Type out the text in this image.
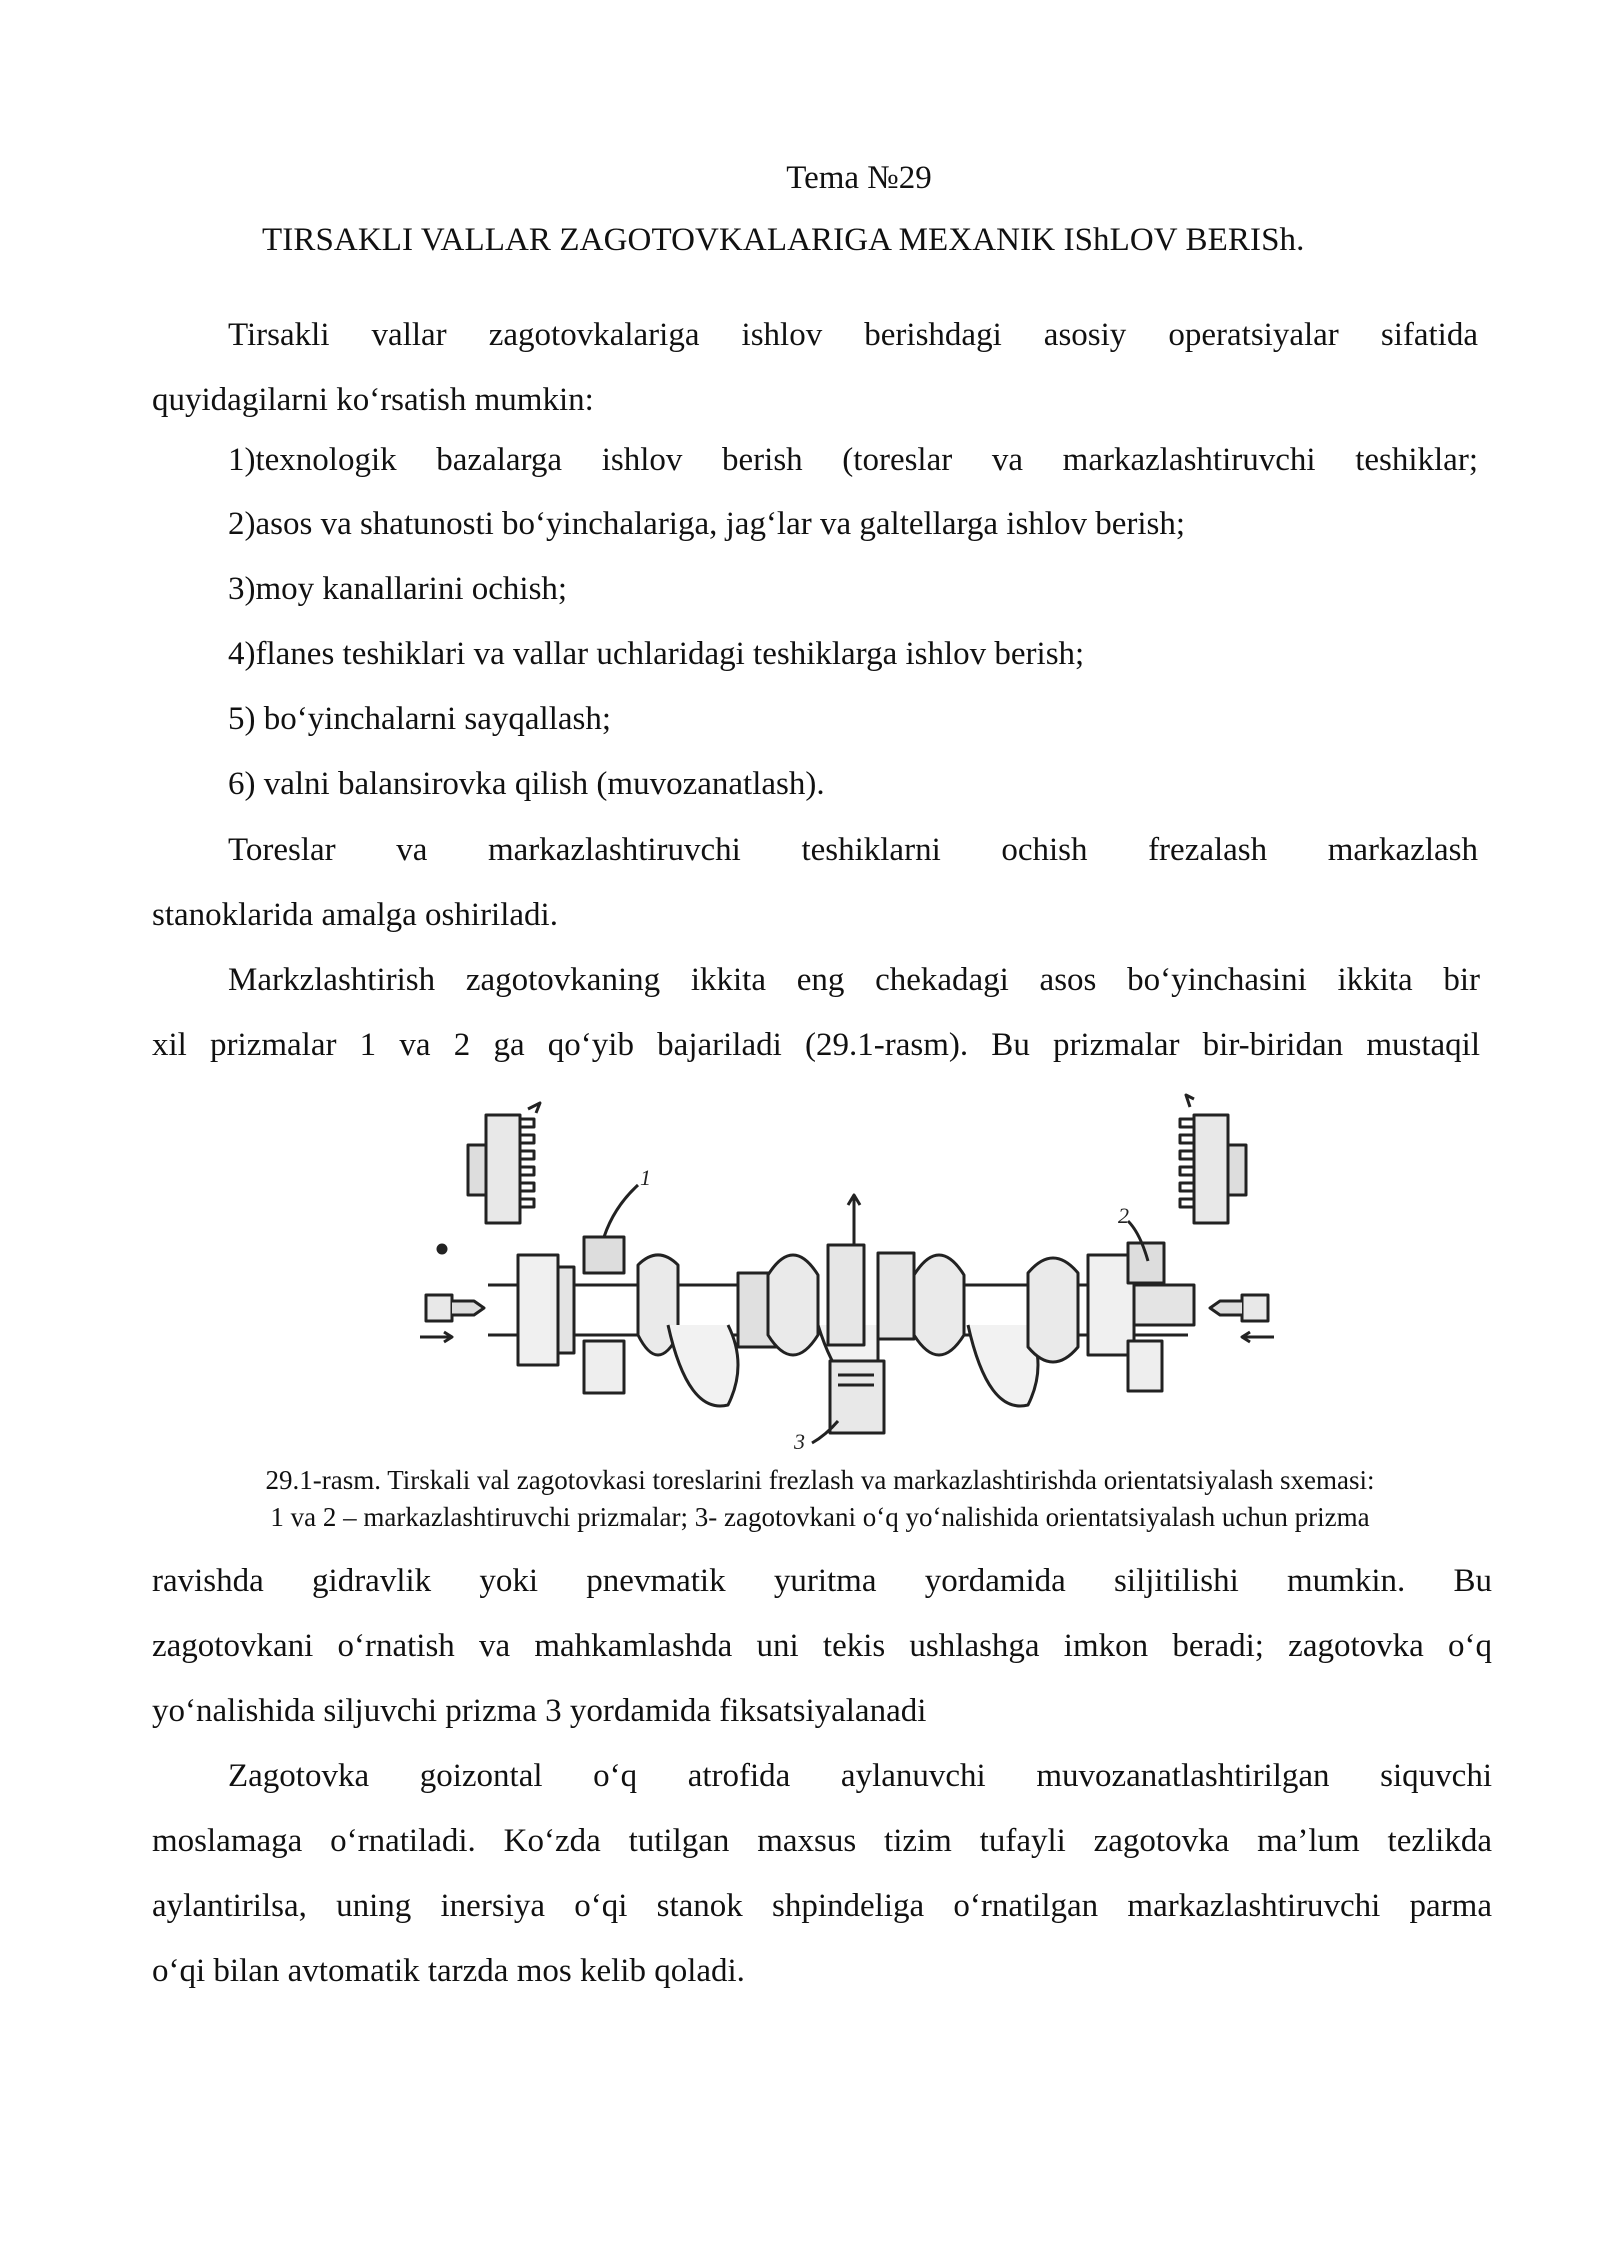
Tema №29
TIRSAKLI VALLAR ZAGOTOVKALARIGA MEXANIK IShLOV BERISh.
Tirsakli vallar zagotovkalariga ishlov berishdagi asosiy operatsiyalar sifatida
quyidagilarni ko‘rsatish mumkin:
1)texnologik bazalarga ishlov berish (toreslar va markazlashtiruvchi teshiklar;
2)asos va shatunosti bo‘yinchalariga, jag‘lar va galtellarga ishlov berish;
3)moy kanallarini ochish;
4)flanes teshiklari va vallar uchlaridagi teshiklarga ishlov berish;
5) bo‘yinchalarni sayqallash;
6) valni balansirovka qilish (muvozanatlash).
Toreslar va markazlashtiruvchi teshiklarni ochish frezalash markazlash
stanoklarida amalga oshiriladi.
Markzlashtirish zagotovkaning ikkita eng chekadagi asos bo‘yinchasini ikkita bir
xil prizmalar 1 va 2 ga qo‘yib bajariladi (29.1-rasm). Bu prizmalar bir-biridan mustaqil
1
2
3
29.1-rasm. Tirskali val zagotovkasi toreslarini frezlash va markazlashtirishda orientatsiyalash sxemasi:
1 va 2 – markazlashtiruvchi prizmalar; 3- zagotovkani o‘q yo‘nalishida orientatsiyalash uchun prizma
ravishda gidravlik yoki pnevmatik yuritma yordamida siljitilishi mumkin. Bu
zagotovkani o‘rnatish va mahkamlashda uni tekis ushlashga imkon beradi; zagotovka o‘q
yo‘nalishida siljuvchi prizma 3 yordamida fiksatsiyalanadi
Zagotovka goizontal o‘q atrofida aylanuvchi muvozanatlashtirilgan siquvchi
moslamaga o‘rnatiladi. Ko‘zda tutilgan maxsus tizim tufayli zagotovka ma’lum tezlikda
aylantirilsa, uning inersiya o‘qi stanok shpindeliga o‘rnatilgan markazlashtiruvchi parma
o‘qi bilan avtomatik tarzda mos kelib qoladi.
